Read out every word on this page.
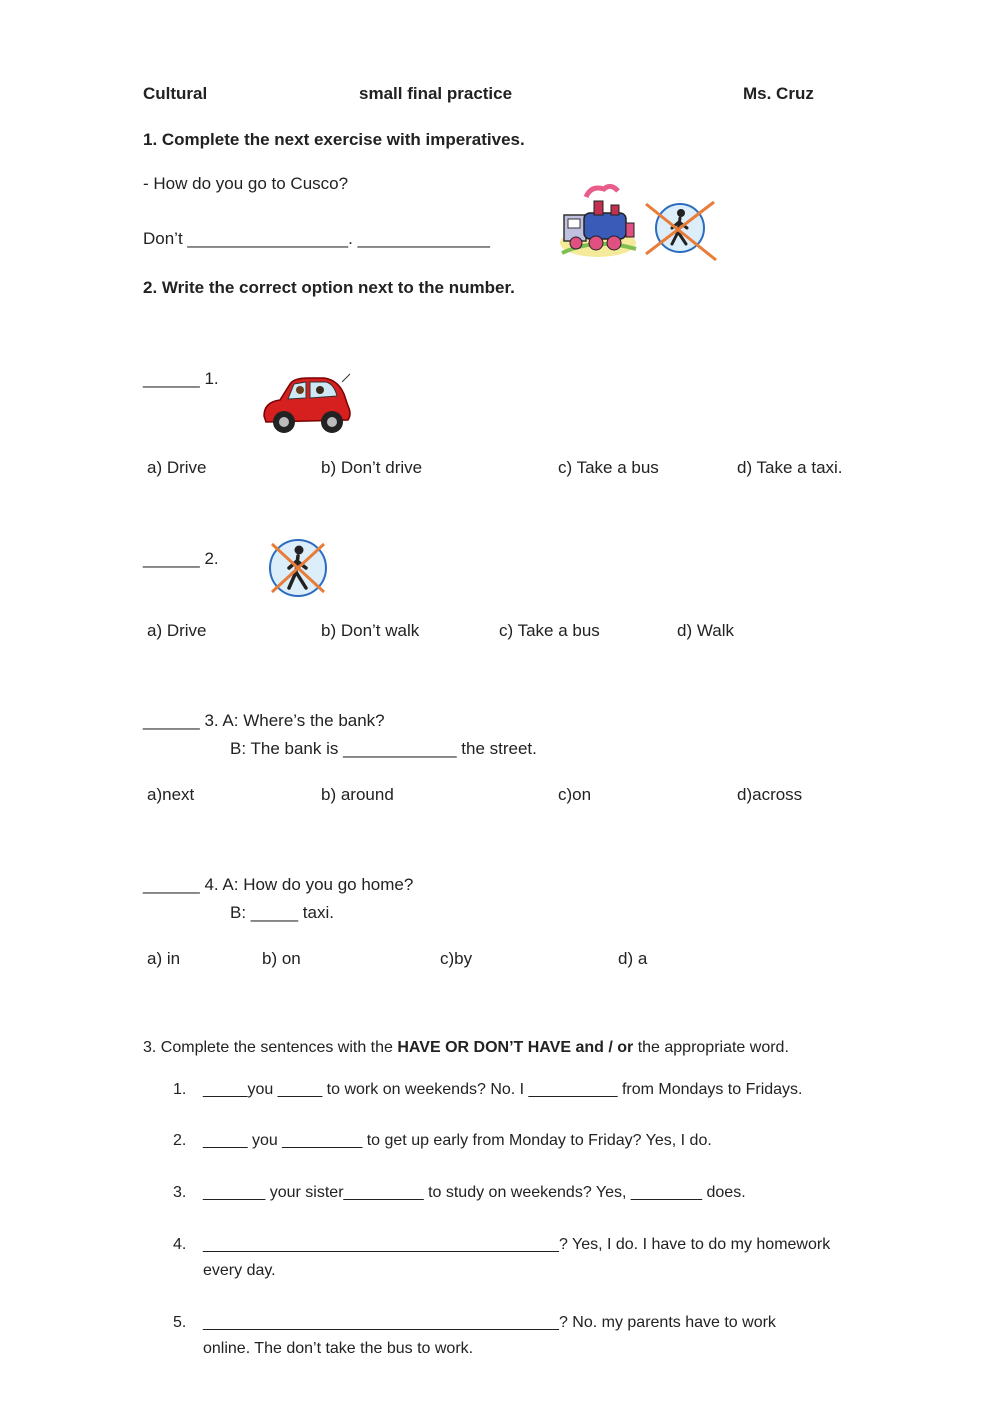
Cultural	small final practice	Ms. Cruz
1. Complete the next exercise with imperatives.
- How do you go to Cusco?
Don’t _________________. ______________
2. Write the correct option next to the number.
______ 1.
a) Drive	b) Don’t drive	c) Take a bus	d) Take a taxi.
______ 2.
a) Drive	b) Don’t walk	c) Take a bus	d) Walk
______ 3. A: Where’s the bank?
B: The bank is ____________ the street.
a)next	b) around	c)on	d)across
______ 4. A: How do you go home?
B: _____ taxi.
a) in	b) on	c)by	d) a
3. Complete the sentences with the HAVE OR DON’T HAVE and / or the appropriate word.
1. _____you _____ to work on weekends? No. I __________ from Mondays to Fridays.
2. _____ you _________ to get up early from Monday to Friday? Yes, I do.
3. _______ your sister_________ to study on weekends? Yes, ________ does.
4. ________________________________________? Yes, I do. I have to do my homework
every day.
5. ________________________________________? No. my parents have to work
online. The don’t take the bus to work.
